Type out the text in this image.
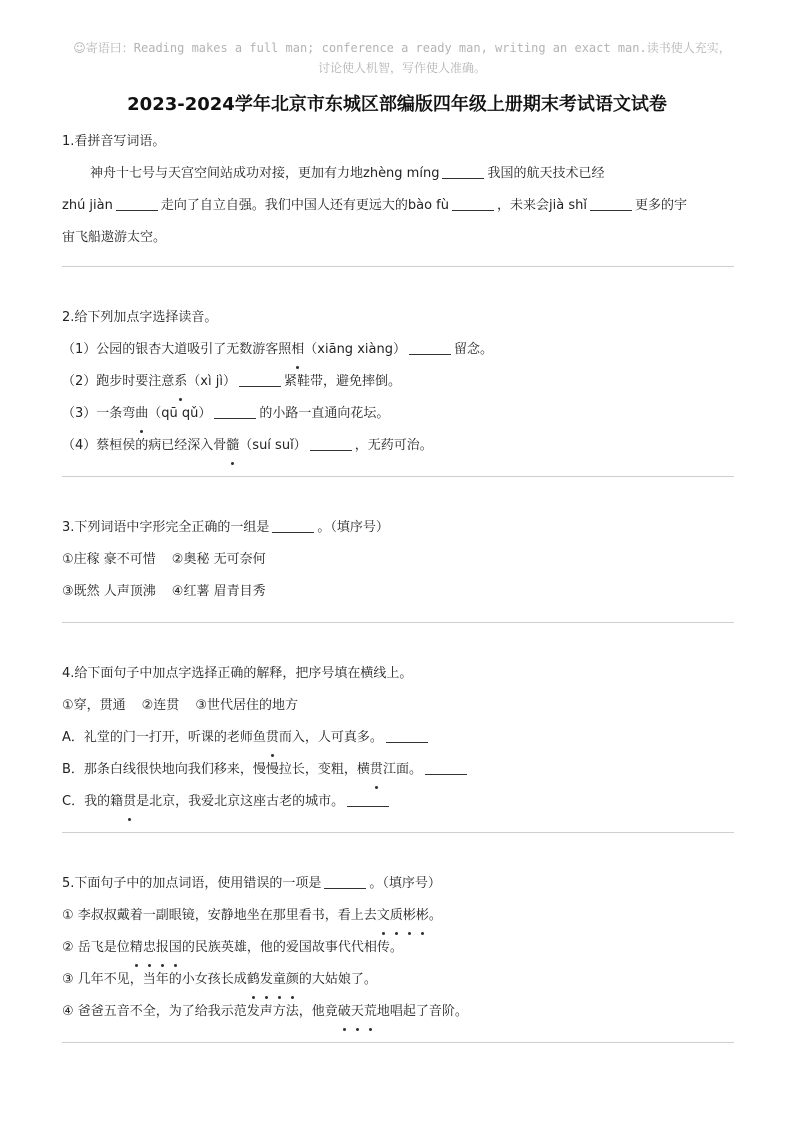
☺寄语曰：Reading makes a full man; conference a ready man, writing an exact man.读书使人充实，
讨论使人机智，写作使人准确。
2023-2024学年北京市东城区部编版四年级上册期末考试语文试卷
1.看拼音写词语。
神舟十七号与天宫空间站成功对接，更加有力地zhèng míng	我国的航天技术已经
zhú jiàn	走向了自立自强。我们中国人还有更远大的bào fù	，未来会jià shǐ	更多的宇
宙飞船遨游太空。
2.给下列加点字选择读音。
（1）公园的银杏大道吸引了无数游客照相（xiāng xiàng）	留念。
（2）跑步时要注意系（xì jì）	紧鞋带，避免摔倒。
（3）一条弯曲（qū qǔ）	的小路一直通向花坛。
（4）蔡桓侯的病已经深入骨髓（suí suǐ）	，无药可治。
3.下列词语中字形完全正确的一组是	。（填序号）
①庄稼 豪不可惜 ②奥秘 无可奈何
③既然 人声顶沸 ④红薯 眉青目秀
4.给下面句子中加点字选择正确的解释，把序号填在横线上。
①穿，贯通 ②连贯 ③世代居住的地方
A．礼堂的门一打开，听课的老师鱼贯而入，人可真多。
B．那条白线很快地向我们移来，慢慢拉长，变粗，横贯江面。
C．我的籍贯是北京，我爱北京这座古老的城市。
5.下面句子中的加点词语，使用错误的一项是	。（填序号）
① 李叔叔戴着一副眼镜，安静地坐在那里看书，看上去文质彬彬。
② 岳飞是位精忠报国的民族英雄，他的爱国故事代代相传。
③ 几年不见，当年的小女孩长成鹤发童颜的大姑娘了。
④ 爸爸五音不全，为了给我示范发声方法，他竟破天荒地唱起了音阶。
